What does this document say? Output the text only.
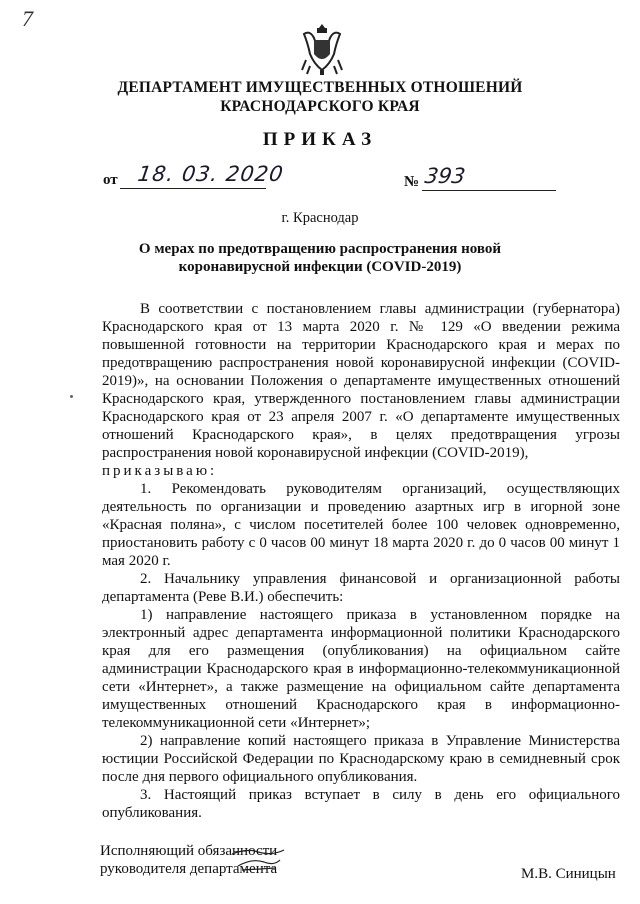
7
ДЕПАРТАМЕНТ ИМУЩЕСТВЕННЫХ ОТНОШЕНИЙ
КРАСНОДАРСКОГО КРАЯ
ПРИКАЗ
от 18. 03. 2020	№ 393
г. Краснодар
О мерах по предотвращению распространения новой коронавирусной инфекции (COVID-2019)

В соответствии с постановлением главы администрации (губернатора) Краснодарского края от 13 марта 2020 г. № 129 «О введении режима повышенной готовности на территории Краснодарского края и мерах по предотвращению распространения новой коронавирусной инфекции (COVID-2019)», на основании Положения о департаменте имущественных отношений Краснодарского края, утвержденного постановлением главы администрации Краснодарского края от 23 апреля 2007 г. «О департаменте имущественных отношений Краснодарского края», в целях предотвращения угрозы распространения новой коронавирусной инфекции (COVID-2019),
приказываю:

1. Рекомендовать руководителям организаций, осуществляющих деятельность по организации и проведению азартных игр в игорной зоне «Красная поляна», с числом посетителей более 100 человек одновременно, приостановить работу с 0 часов 00 минут 18 марта 2020 г. до 0 часов 00 минут 1 мая 2020 г.

2. Начальнику управления финансовой и организационной работы департамента (Реве В.И.) обеспечить:

1) направление настоящего приказа в установленном порядке на электронный адрес департамента информационной политики Краснодарского края для его размещения (опубликования) на официальном сайте администрации Краснодарского края в информационно-телекоммуникационной сети «Интернет», а также размещение на официальном сайте департамента имущественных отношений Краснодарского края в информационно-телекоммуникационной сети «Интернет»;

2) направление копий настоящего приказа в Управление Министерства юстиции Российской Федерации по Краснодарскому краю в семидневный срок после дня первого официального опубликования.

3. Настоящий приказ вступает в силу в день его официального опубликования.

Исполняющий обязанности
руководителя департамента	М.В. Синицын
